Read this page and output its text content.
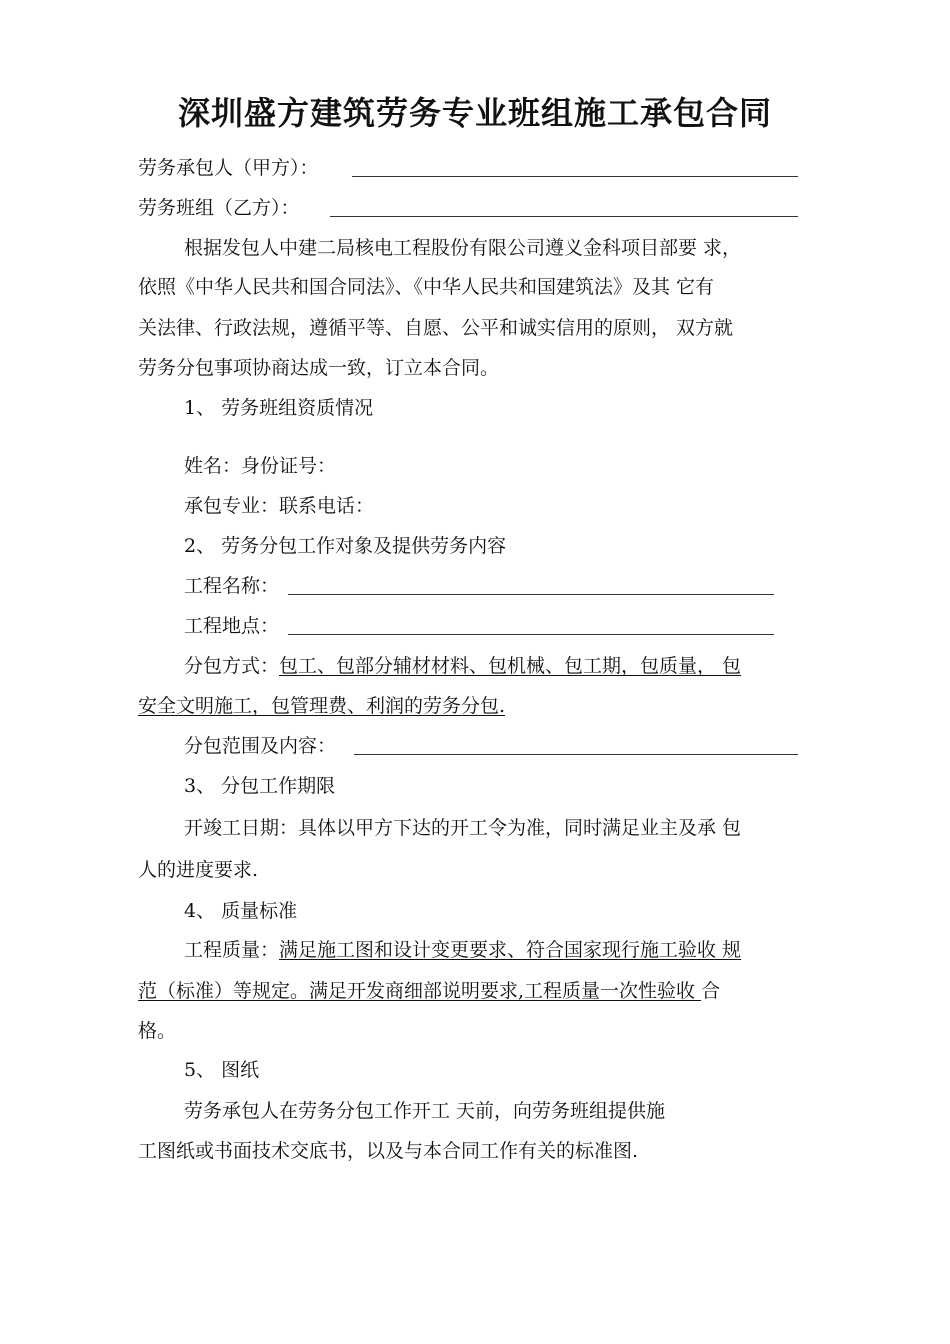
深圳盛方建筑劳务专业班组施工承包合同
劳务承包人（甲方）：
劳务班组（乙方）：
根据发包人中建二局核电工程股份有限公司遵义金科项目部要 求，
依照《中华人民共和国合同法》、《中华人民共和国建筑法》及其 它有
关法律、行政法规，遵循平等、自愿、公平和诚实信用的原则， 双方就
劳务分包事项协商达成一致，订立本合同。
1、 劳务班组资质情况
姓名：身份证号：
承包专业：联系电话：
2、 劳务分包工作对象及提供劳务内容
工程名称：
工程地点：
分包方式：包工、包部分辅材材料、包机械、包工期，包质量， 包
安全文明施工，包管理费、利润的劳务分包.
分包范围及内容：
3、 分包工作期限
开竣工日期：具体以甲方下达的开工令为准，同时满足业主及承 包
人的进度要求.
4、 质量标准
工程质量：满足施工图和设计变更要求、符合国家现行施工验收 规
范（标准）等规定。满足开发商细部说明要求,工程质量一次性验收 合
格。
5、 图纸
劳务承包人在劳务分包工作开工 天前，向劳务班组提供施
工图纸或书面技术交底书，以及与本合同工作有关的标准图.
